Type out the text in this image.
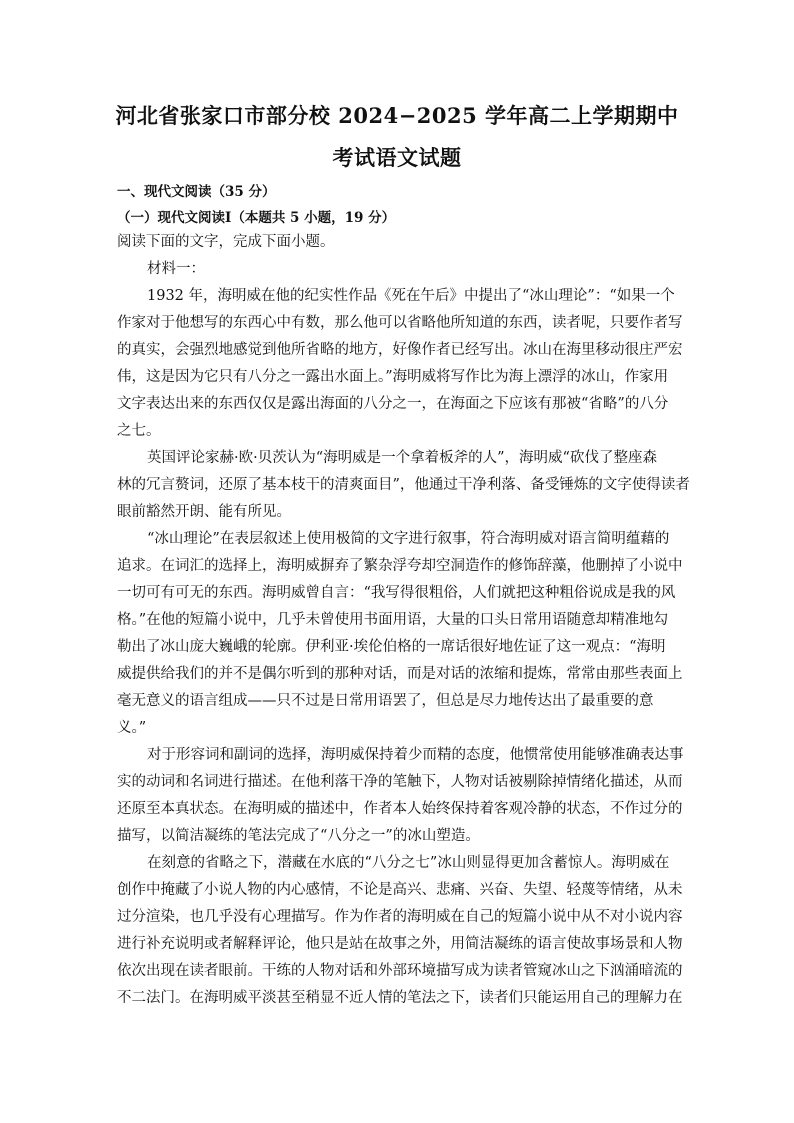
河北省张家口市部分校 2024−2025 学年高二上学期期中
考试语文试题
一、现代文阅读（35 分）
（一）现代文阅读Ⅰ（本题共 5 小题，19 分）
阅读下面的文字，完成下面小题。
材料一：
1932 年，海明威在他的纪实性作品《死在午后》中提出了“冰山理论”：“如果一个
作家对于他想写的东西心中有数，那么他可以省略他所知道的东西，读者呢，只要作者写
的真实，会强烈地感觉到他所省略的地方，好像作者已经写出。冰山在海里移动很庄严宏
伟，这是因为它只有八分之一露出水面上。”海明威将写作比为海上漂浮的冰山，作家用
文字表达出来的东西仅仅是露出海面的八分之一，在海面之下应该有那被“省略”的八分
之七。
英国评论家赫·欧·贝茨认为“海明威是一个拿着板斧的人”，海明威“砍伐了整座森
林的冗言赘词，还原了基本枝干的清爽面目”，他通过干净利落、备受锤炼的文字使得读者
眼前豁然开朗、能有所见。
“冰山理论”在表层叙述上使用极简的文字进行叙事，符合海明威对语言简明蕴藉的
追求。在词汇的选择上，海明威摒弃了繁杂浮夸却空洞造作的修饰辞藻，他删掉了小说中
一切可有可无的东西。海明威曾自言：“我写得很粗俗，人们就把这种粗俗说成是我的风
格。”在他的短篇小说中，几乎未曾使用书面用语，大量的口头日常用语随意却精准地勾
勒出了冰山庞大巍峨的轮廓。伊利亚·埃伦伯格的一席话很好地佐证了这一观点：“海明
威提供给我们的并不是偶尔听到的那种对话，而是对话的浓缩和提炼，常常由那些表面上
毫无意义的语言组成——只不过是日常用语罢了，但总是尽力地传达出了最重要的意
义。”
对于形容词和副词的选择，海明威保持着少而精的态度，他惯常使用能够准确表达事
实的动词和名词进行描述。在他利落干净的笔触下，人物对话被剔除掉情绪化描述，从而
还原至本真状态。在海明威的描述中，作者本人始终保持着客观冷静的状态，不作过分的
描写，以简洁凝练的笔法完成了“八分之一”的冰山塑造。
在刻意的省略之下，潜藏在水底的“八分之七”冰山则显得更加含蓄惊人。海明威在
创作中掩藏了小说人物的内心感情，不论是高兴、悲痛、兴奋、失望、轻蔑等情绪，从未
过分渲染，也几乎没有心理描写。作为作者的海明威在自己的短篇小说中从不对小说内容
进行补充说明或者解释评论，他只是站在故事之外，用简洁凝练的语言使故事场景和人物
依次出现在读者眼前。干练的人物对话和外部环境描写成为读者管窥冰山之下汹涌暗流的
不二法门。在海明威平淡甚至稍显不近人情的笔法之下，读者们只能运用自己的理解力在
